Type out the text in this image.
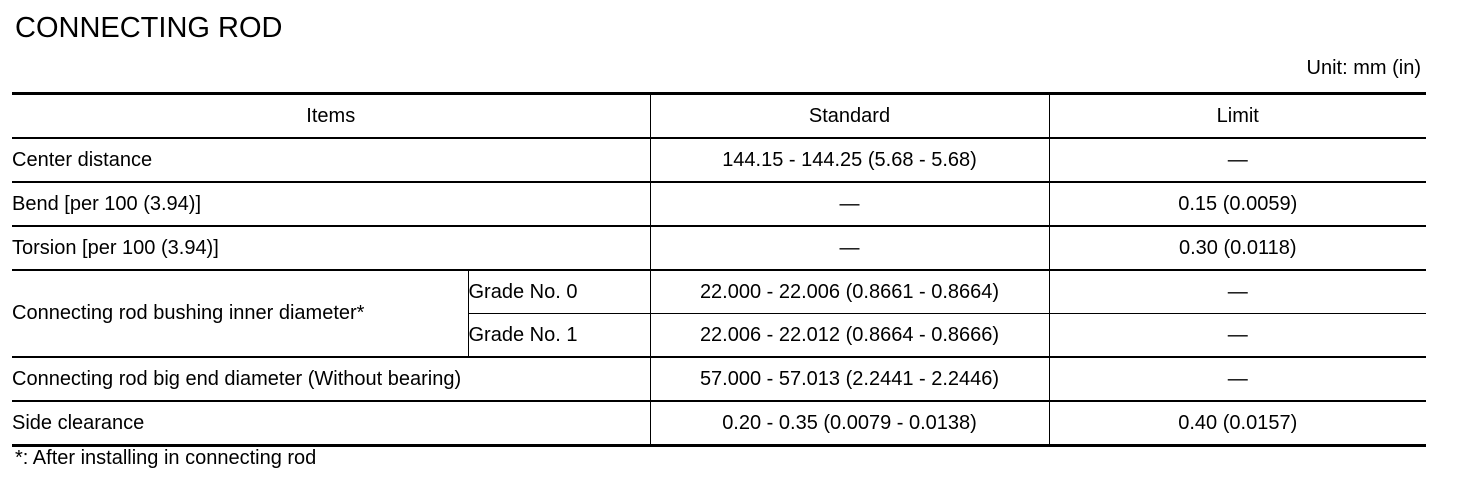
CONNECTING ROD
Unit: mm (in)
Items		Standard	Limit
Center distance		144.15 - 144.25 (5.68 - 5.68)	—
Bend [per 100 (3.94)]		—	0.15 (0.0059)
Torsion [per 100 (3.94)]		—	0.30 (0.0118)
Connecting rod bushing inner diameter*	Grade No. 0	22.000 - 22.006 (0.8661 - 0.8664)	—
	Grade No. 1	22.006 - 22.012 (0.8664 - 0.8666)	—
Connecting rod big end diameter (Without bearing)		57.000 - 57.013 (2.2441 - 2.2446)	—
Side clearance		0.20 - 0.35 (0.0079 - 0.0138)	0.40 (0.0157)
*: After installing in connecting rod
